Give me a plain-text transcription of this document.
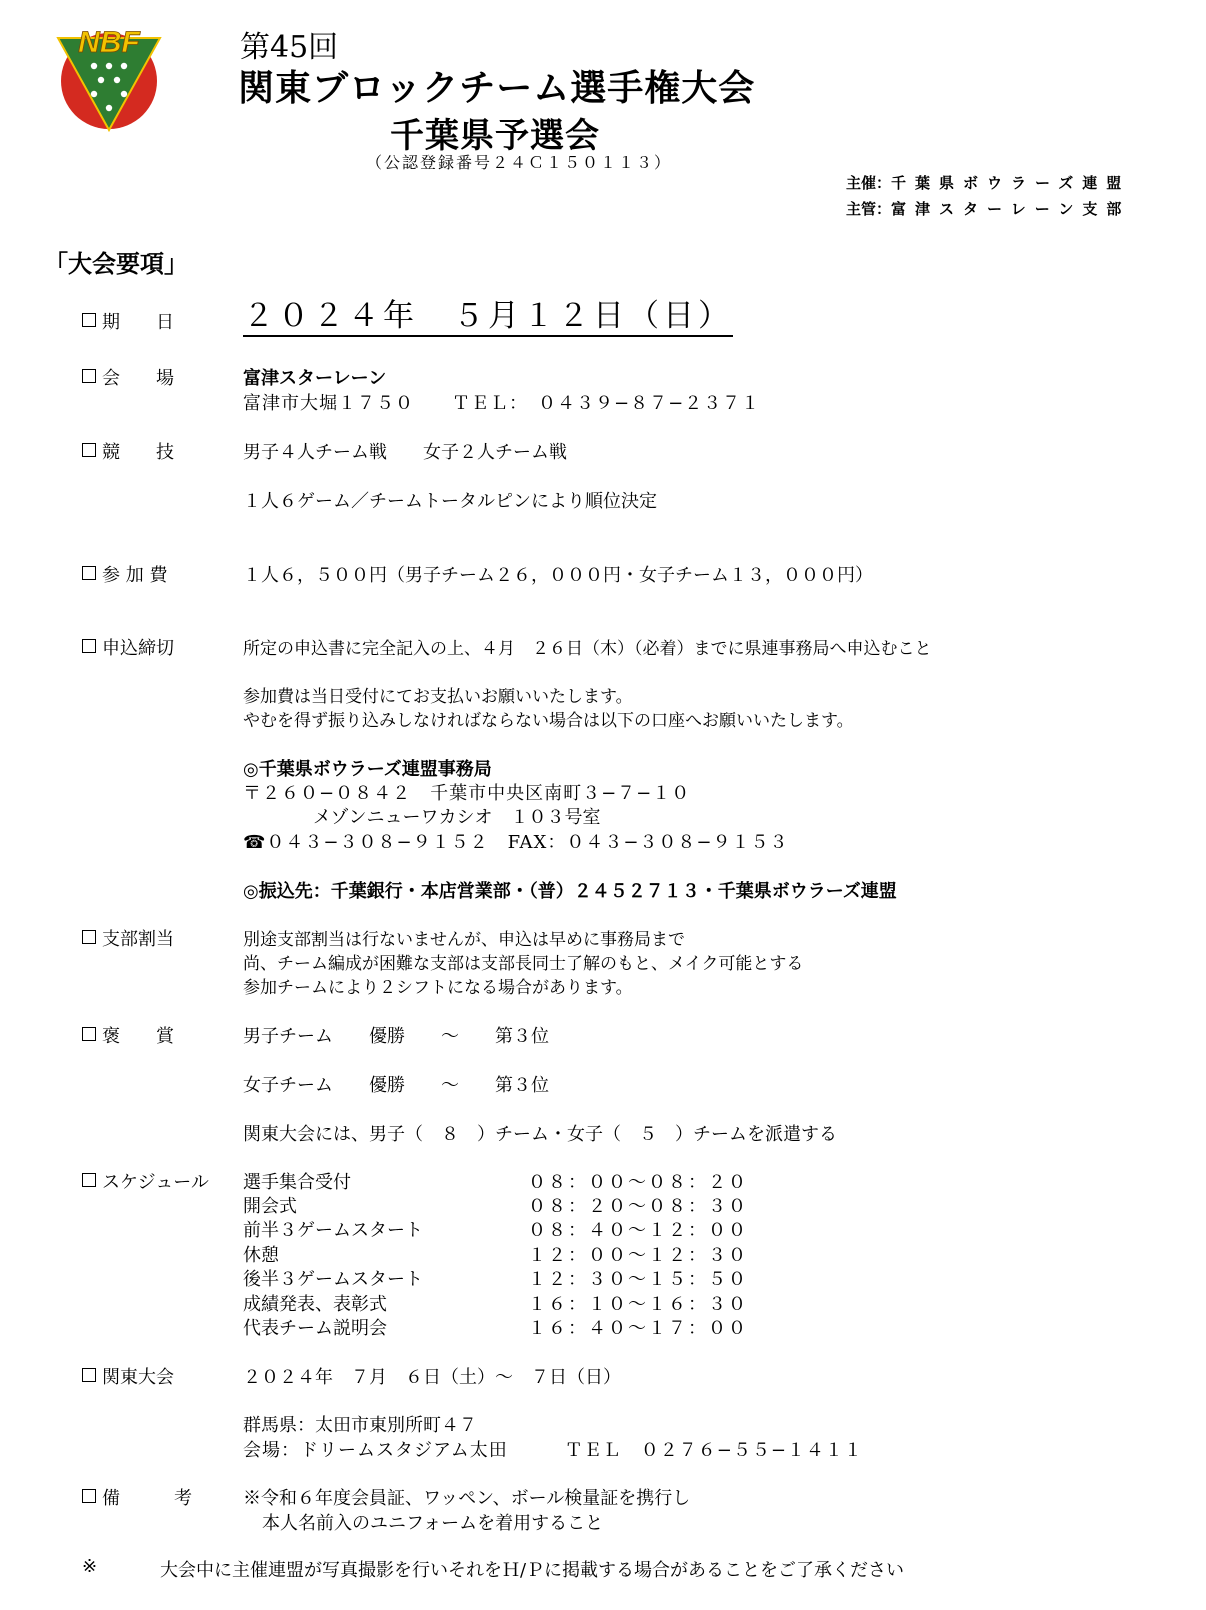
NBF	第45回
関東ブロックチーム選手権大会
千葉県予選会
（公認登録番号２４Ｃ１５０１１３）
主催：千葉県ボウラーズ連盟
主管：富津スターレーン支部
「大会要項」
期　　日 ２０２４年　５月１２日（日）
会　　場	富津スターレーン
富津市大堀１７５０　　ＴＥＬ：　０４３９−８７−２３７１
競　　技	男子４人チーム戦　　女子２人チーム戦
１人６ゲーム／チームトータルピンにより順位決定
参 加 費	１人６，５００円（男子チーム２６，０００円・女子チーム１３，０００円）
申込締切	所定の申込書に完全記入の上、４月　２６日（木）（必着）までに県連事務局へ申込むこと
参加費は当日受付にてお支払いお願いいたします。
やむを得ず振り込みしなければならない場合は以下の口座へお願いいたします。
◎千葉県ボウラーズ連盟事務局
〒２６０−０８４２　千葉市中央区南町３−７−１０
メゾンニューワカシオ　１０３号室
☎０４３−３０８−９１５２　FAX：０４３−３０８−９１５３
◎振込先：千葉銀行・本店営業部・（普）２４５２７１３・千葉県ボウラーズ連盟
支部割当	別途支部割当は行ないませんが、申込は早めに事務局まで
尚、チーム編成が困難な支部は支部長同士了解のもと、メイク可能とする
参加チームにより２シフトになる場合があります。
褒　　賞	男子チーム　　優勝　　～　　第３位
女子チーム　　優勝　　～　　第３位
関東大会には、男子（　８　）チーム・女子（　５　）チームを派遣する
スケジュール 選手集合受付	０８：００～０８：２０
開会式	０８：２０～０８：３０
前半３ゲームスタート	０８：４０～１２：００
休憩	１２：００～１２：３０
後半３ゲームスタート	１２：３０～１５：５０
成績発表、表彰式	１６：１０～１６：３０
代表チーム説明会	１６：４０～１７：００
関東大会	２０２４年　７月　６日（土）～　７日（日）
群馬県：太田市東別所町４７
会場：ドリームスタジアム太田　　　ＴＥＬ　０２７６−５５−１４１１
備　　　考	※令和６年度会員証、ワッペン、ボール検量証を携行し
本人名前入のユニフォームを着用すること
※	大会中に主催連盟が写真撮影を行いそれをＨ/Ｐに掲載する場合があることをご了承ください
